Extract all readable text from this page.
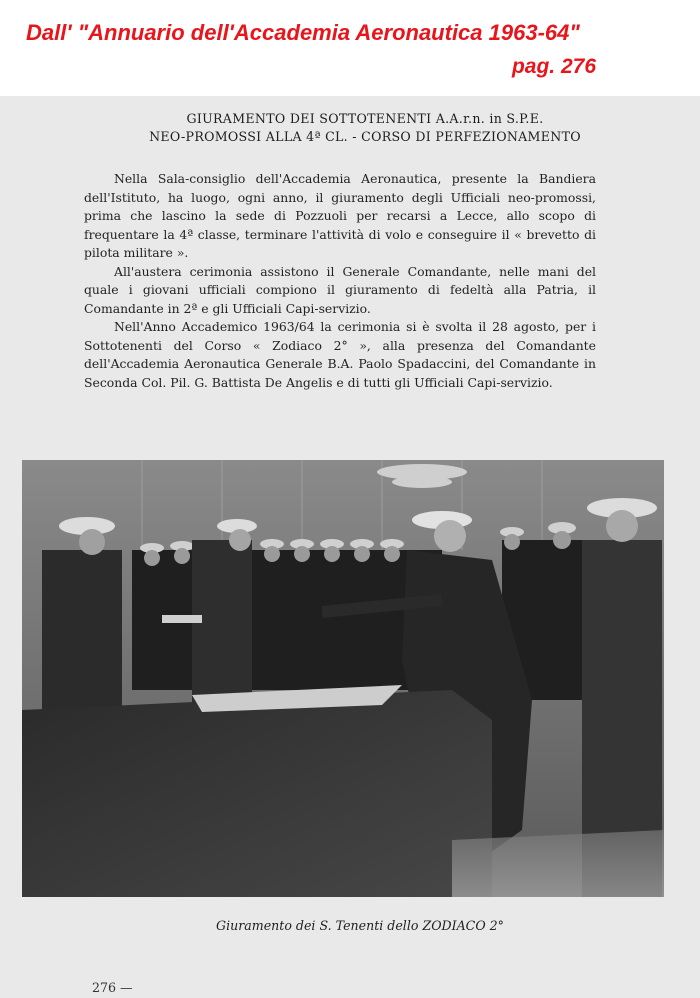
Dall' "Annuario dell'Accademia Aeronautica 1963-64"
pag. 276
GIURAMENTO DEI SOTTOTENENTI A.A.r.n. in S.P.E.
NEO-PROMOSSI ALLA 4ª CL. - CORSO DI PERFEZIONAMENTO

Nella Sala-consiglio dell'Accademia Aeronautica, presente la Bandiera dell'Istituto, ha luogo, ogni anno, il giuramento degli Ufficiali neo-promossi, prima che lascino la sede di Pozzuoli per recarsi a Lecce, allo scopo di frequentare la 4ª classe, terminare l'attività di volo e conseguire il « brevetto di pilota militare ».

All'austera cerimonia assistono il Generale Comandante, nelle mani del quale i giovani ufficiali compiono il giuramento di fedeltà alla Patria, il Comandante in 2ª e gli Ufficiali Capi-servizio.

Nell'Anno Accademico 1963/64 la cerimonia si è svolta il 28 agosto, per i Sottotenenti del Corso « Zodiaco 2° », alla presenza del Comandante dell'Accademia Aeronautica Generale B.A. Paolo Spadaccini, del Comandante in Seconda Col. Pil. G. Battista De Angelis e di tutti gli Ufficiali Capi-servizio.

Giuramento dei S. Tenenti dello ZODIACO 2°
276 —
